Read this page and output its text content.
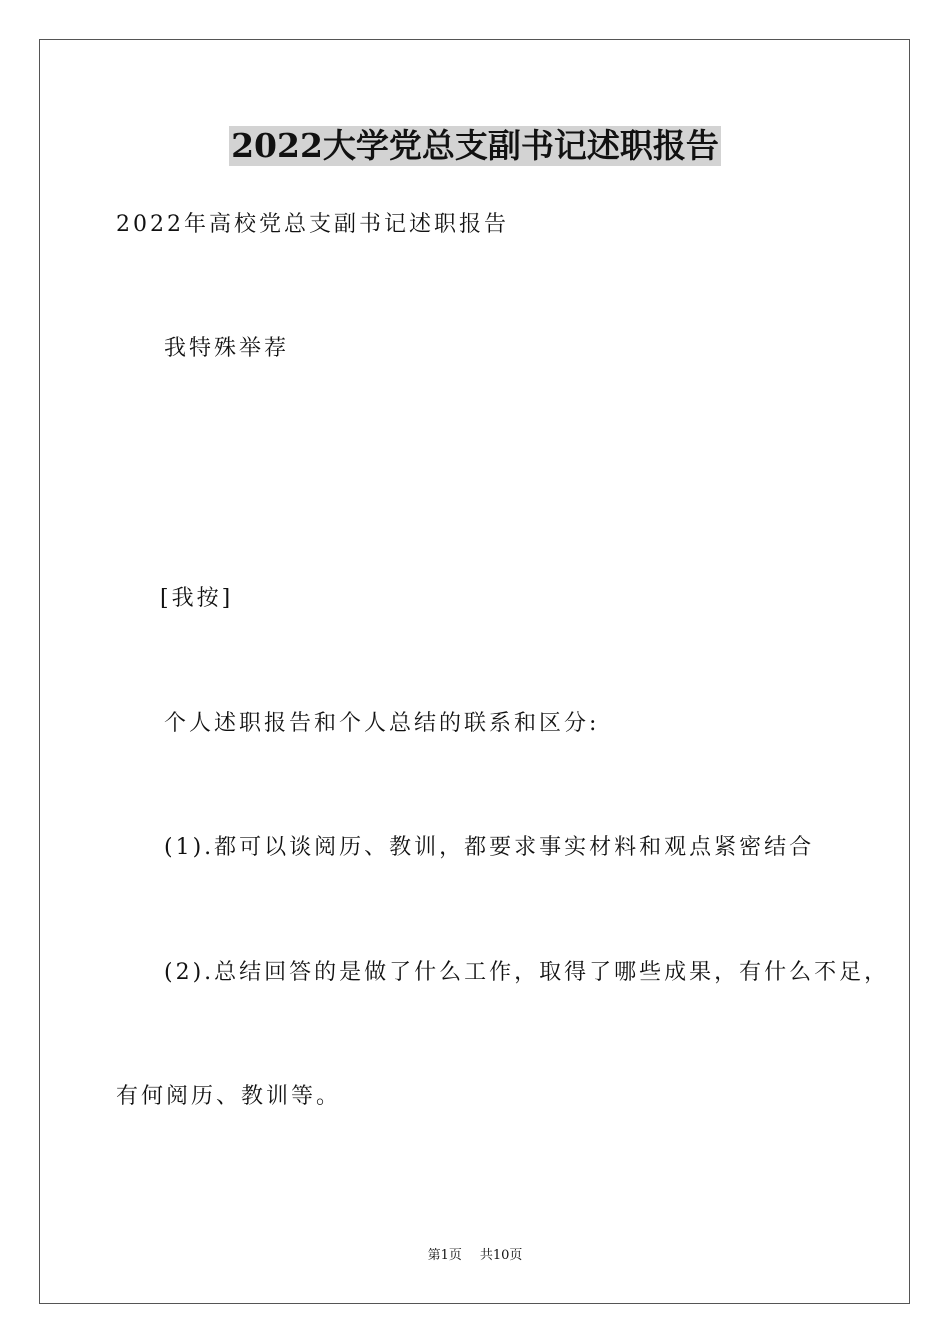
2022大学党总支副书记述职报告
2022年高校党总支副书记述职报告
我特殊举荐
[我按]
个人述职报告和个人总结的联系和区分:
(1).都可以谈阅历、教训，都要求事实材料和观点紧密结合
(2).总结回答的是做了什么工作，取得了哪些成果，有什么不足，
有何阅历、教训等。
第1页 共10页
